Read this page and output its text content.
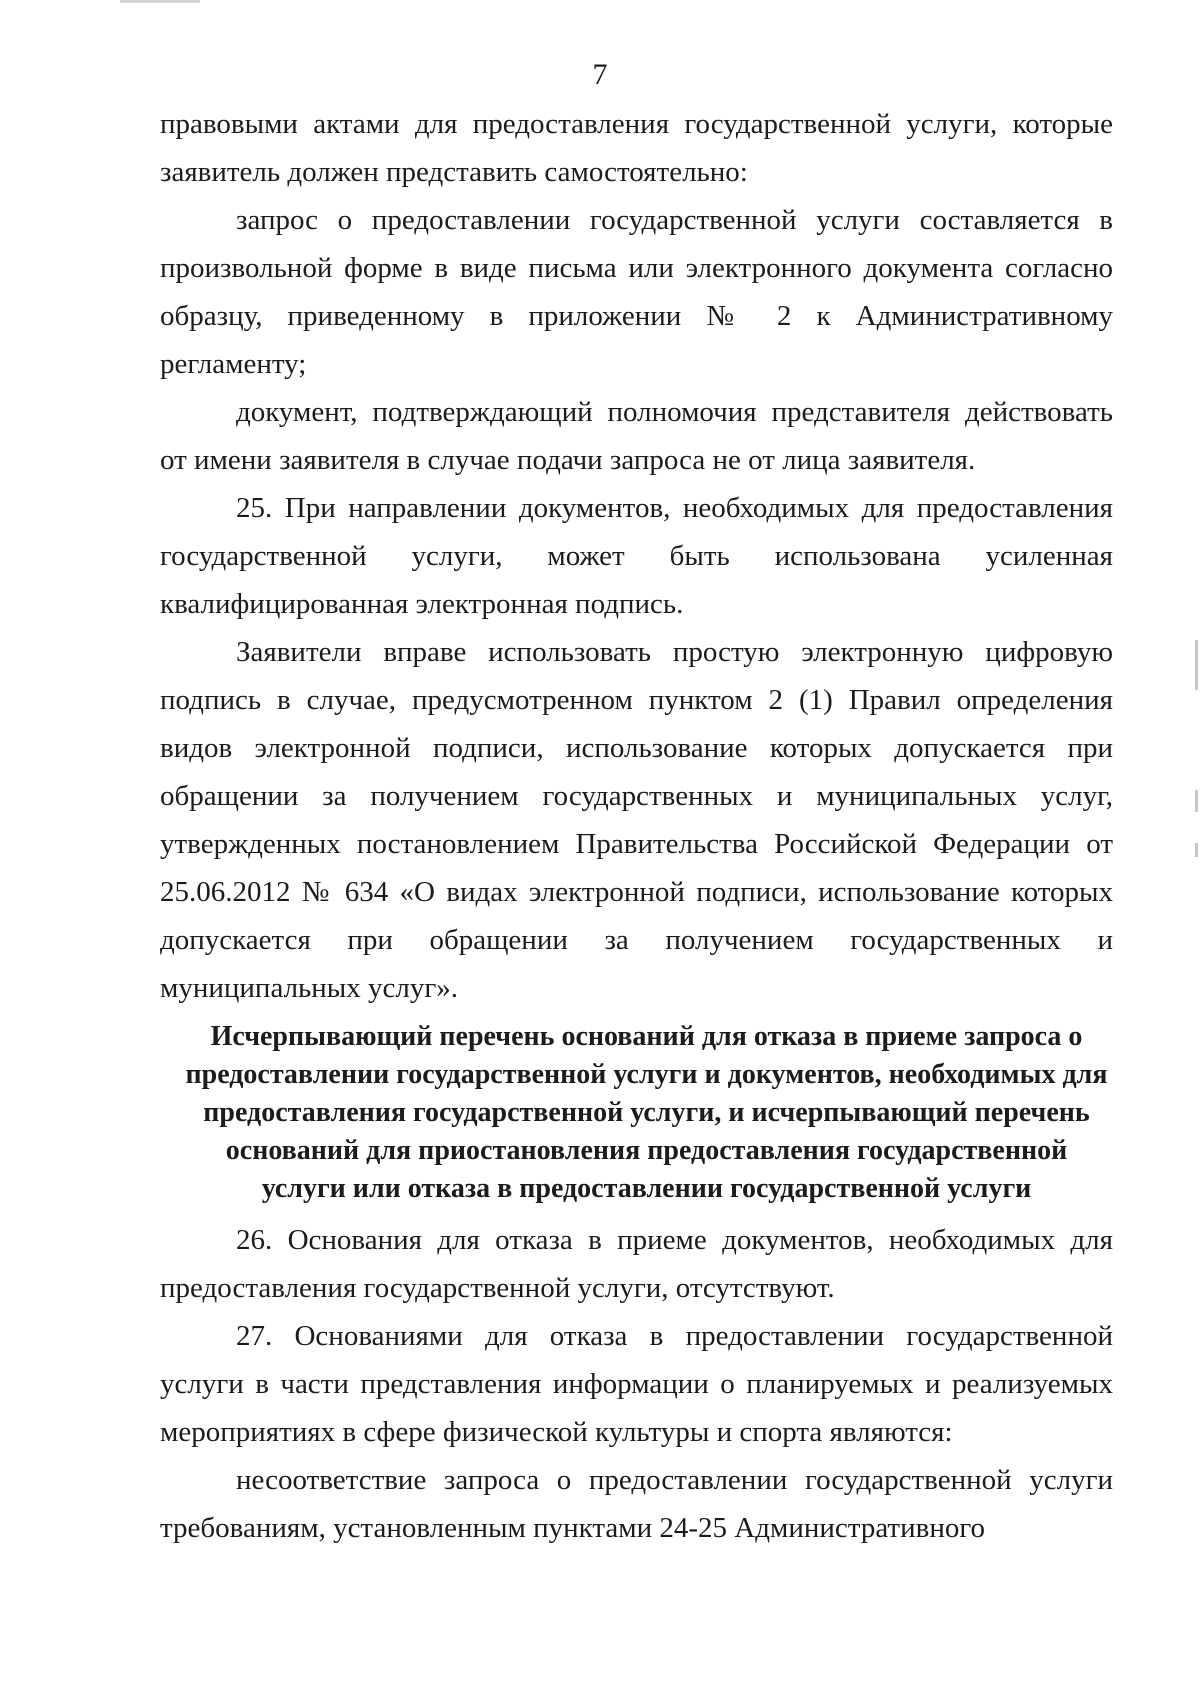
7

правовыми актами для предоставления государственной услуги, которые заявитель должен представить самостоятельно:

запрос о предоставлении государственной услуги составляется в произвольной форме в виде письма или электронного документа согласно образцу, приведенному в приложении № 2 к Административному регламенту;

документ, подтверждающий полномочия представителя действовать от имени заявителя в случае подачи запроса не от лица заявителя.

25. При направлении документов, необходимых для предоставления государственной услуги, может быть использована усиленная квалифицированная электронная подпись.

Заявители вправе использовать простую электронную цифровую подпись в случае, предусмотренном пунктом 2 (1) Правил определения видов электронной подписи, использование которых допускается при обращении за получением государственных и муниципальных услуг, утвержденных постановлением Правительства Российской Федерации от 25.06.2012 № 634 «О видах электронной подписи, использование которых допускается при обращении за получением государственных и муниципальных услуг».

Исчерпывающий перечень оснований для отказа в приеме запроса о
предоставлении государственной услуги и документов, необходимых для
предоставления государственной услуги, и исчерпывающий перечень
оснований для приостановления предоставления государственной
услуги или отказа в предоставлении государственной услуги

26. Основания для отказа в приеме документов, необходимых для предоставления государственной услуги, отсутствуют.

27. Основаниями для отказа в предоставлении государственной услуги в части представления информации о планируемых и реализуемых мероприятиях в сфере физической культуры и спорта являются:

несоответствие запроса о предоставлении государственной услуги требованиям, установленным пунктами 24-25 Административного
